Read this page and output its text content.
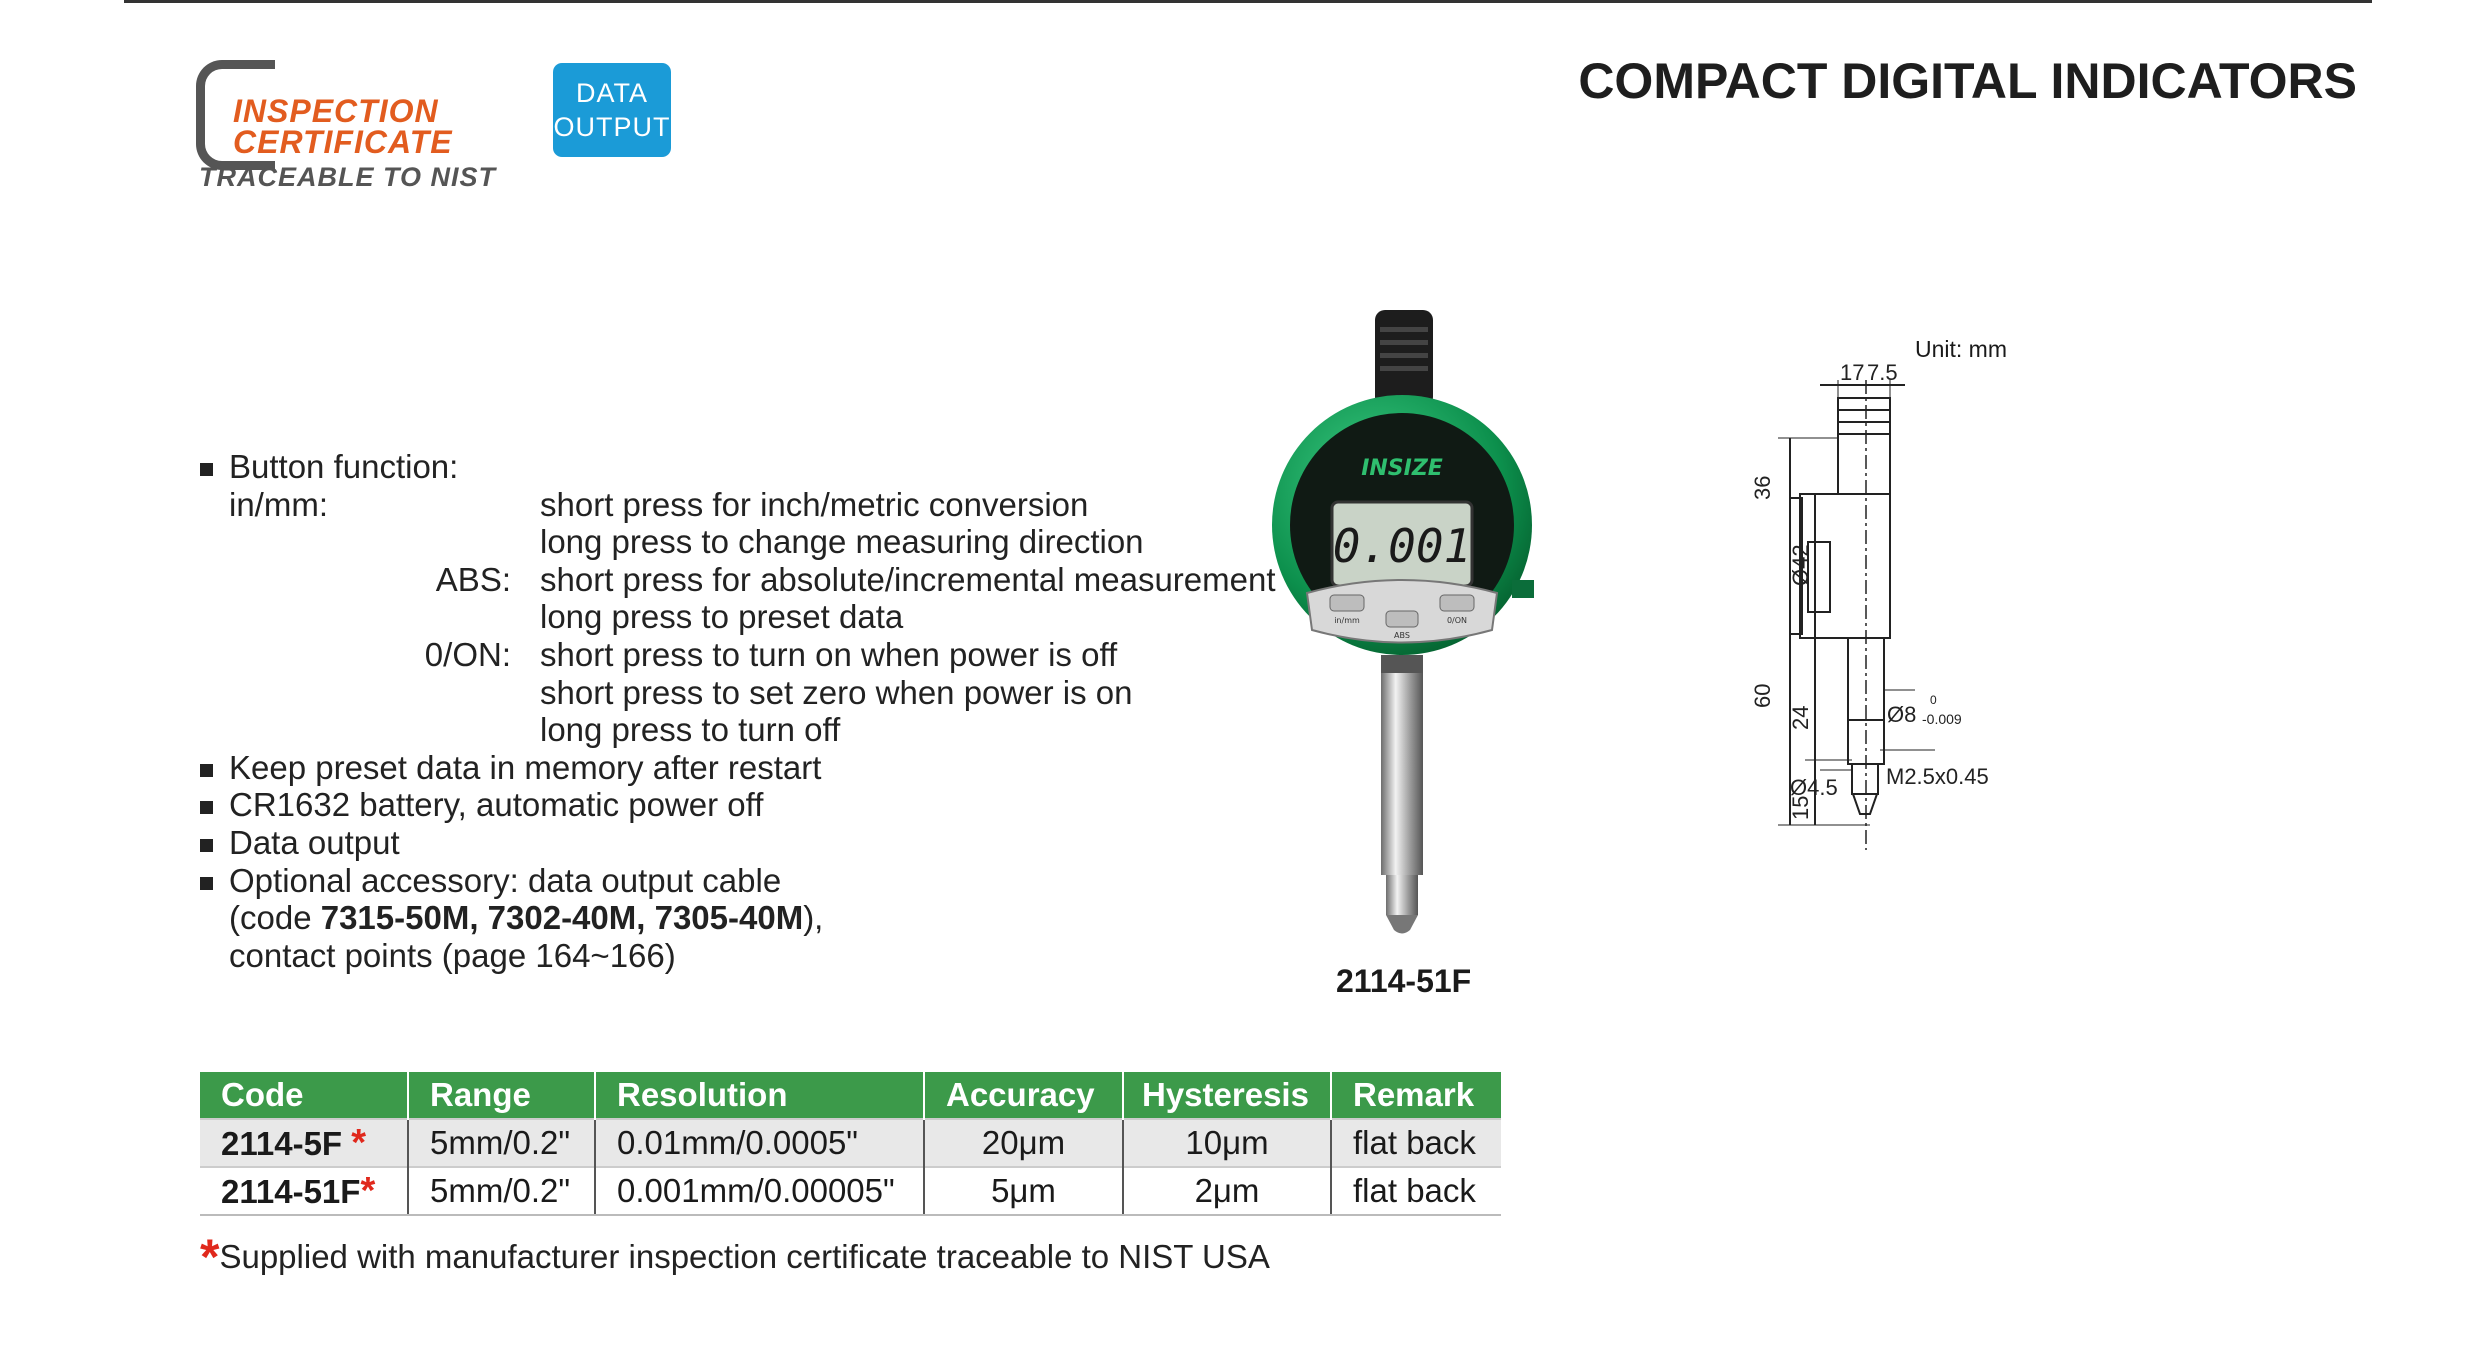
INSPECTION
CERTIFICATE
TRACEABLE TO NIST
DATA
OUTPUT
COMPACT DIGITAL INDICATORS
Button function:
in/mm:	short press for inch/metric conversion
long press to change measuring direction
ABS: short press for absolute/incremental measurement
long press to preset data
0/ON: short press to turn on when power is off
short press to set zero when power is on
long press to turn off
Keep preset data in memory after restart
CR1632 battery, automatic power off
Data output
Optional accessory: data output cable
(code 7315-50M, 7302-40M, 7305-40M),
contact points (page 164~166)
INSIZE
0.001
in/mm
ABS
0/ON
2114-51F
Unit: mm
17 7.5
36
Ø42
60
24
15
Ø8
0
-0.009
Ø4.5 M2.5x0.45
Code	Range	Resolution	Accuracy	Hysteresis	Remark
2114-5F *	5mm/0.2"	0.01mm/0.0005"	20μm	10μm	flat back
2114-51F*	5mm/0.2"	0.001mm/0.00005"	5μm	2μm	flat back
*Supplied with manufacturer inspection certificate traceable to NIST USA
